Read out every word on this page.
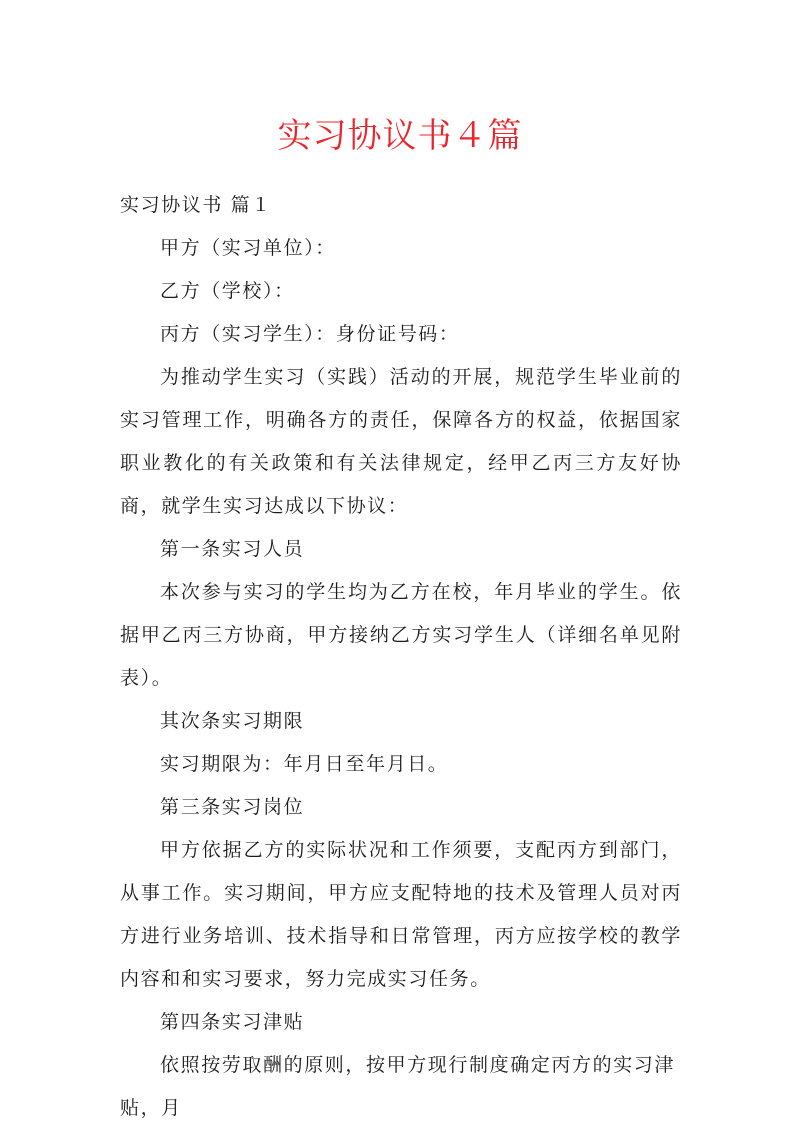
实习协议书４篇

实习协议书 篇１

甲方（实习单位）：

乙方（学校）：

丙方（实习学生）：身份证号码：

为推动学生实习（实践）活动的开展，规范学生毕业前的实习管理工作，明确各方的责任，保障各方的权益，依据国家职业教化的有关政策和有关法律规定，经甲乙丙三方友好协商，就学生实习达成以下协议：

第一条实习人员

本次参与实习的学生均为乙方在校，年月毕业的学生。依据甲乙丙三方协商，甲方接纳乙方实习学生人（详细名单见附表）。

其次条实习期限

实习期限为：年月日至年月日。

第三条实习岗位

甲方依据乙方的实际状况和工作须要，支配丙方到部门，从事工作。实习期间，甲方应支配特地的技术及管理人员对丙方进行业务培训、技术指导和日常管理，丙方应按学校的教学内容和和实习要求，努力完成实习任务。

第四条实习津贴

依照按劳取酬的原则，按甲方现行制度确定丙方的实习津贴，月
